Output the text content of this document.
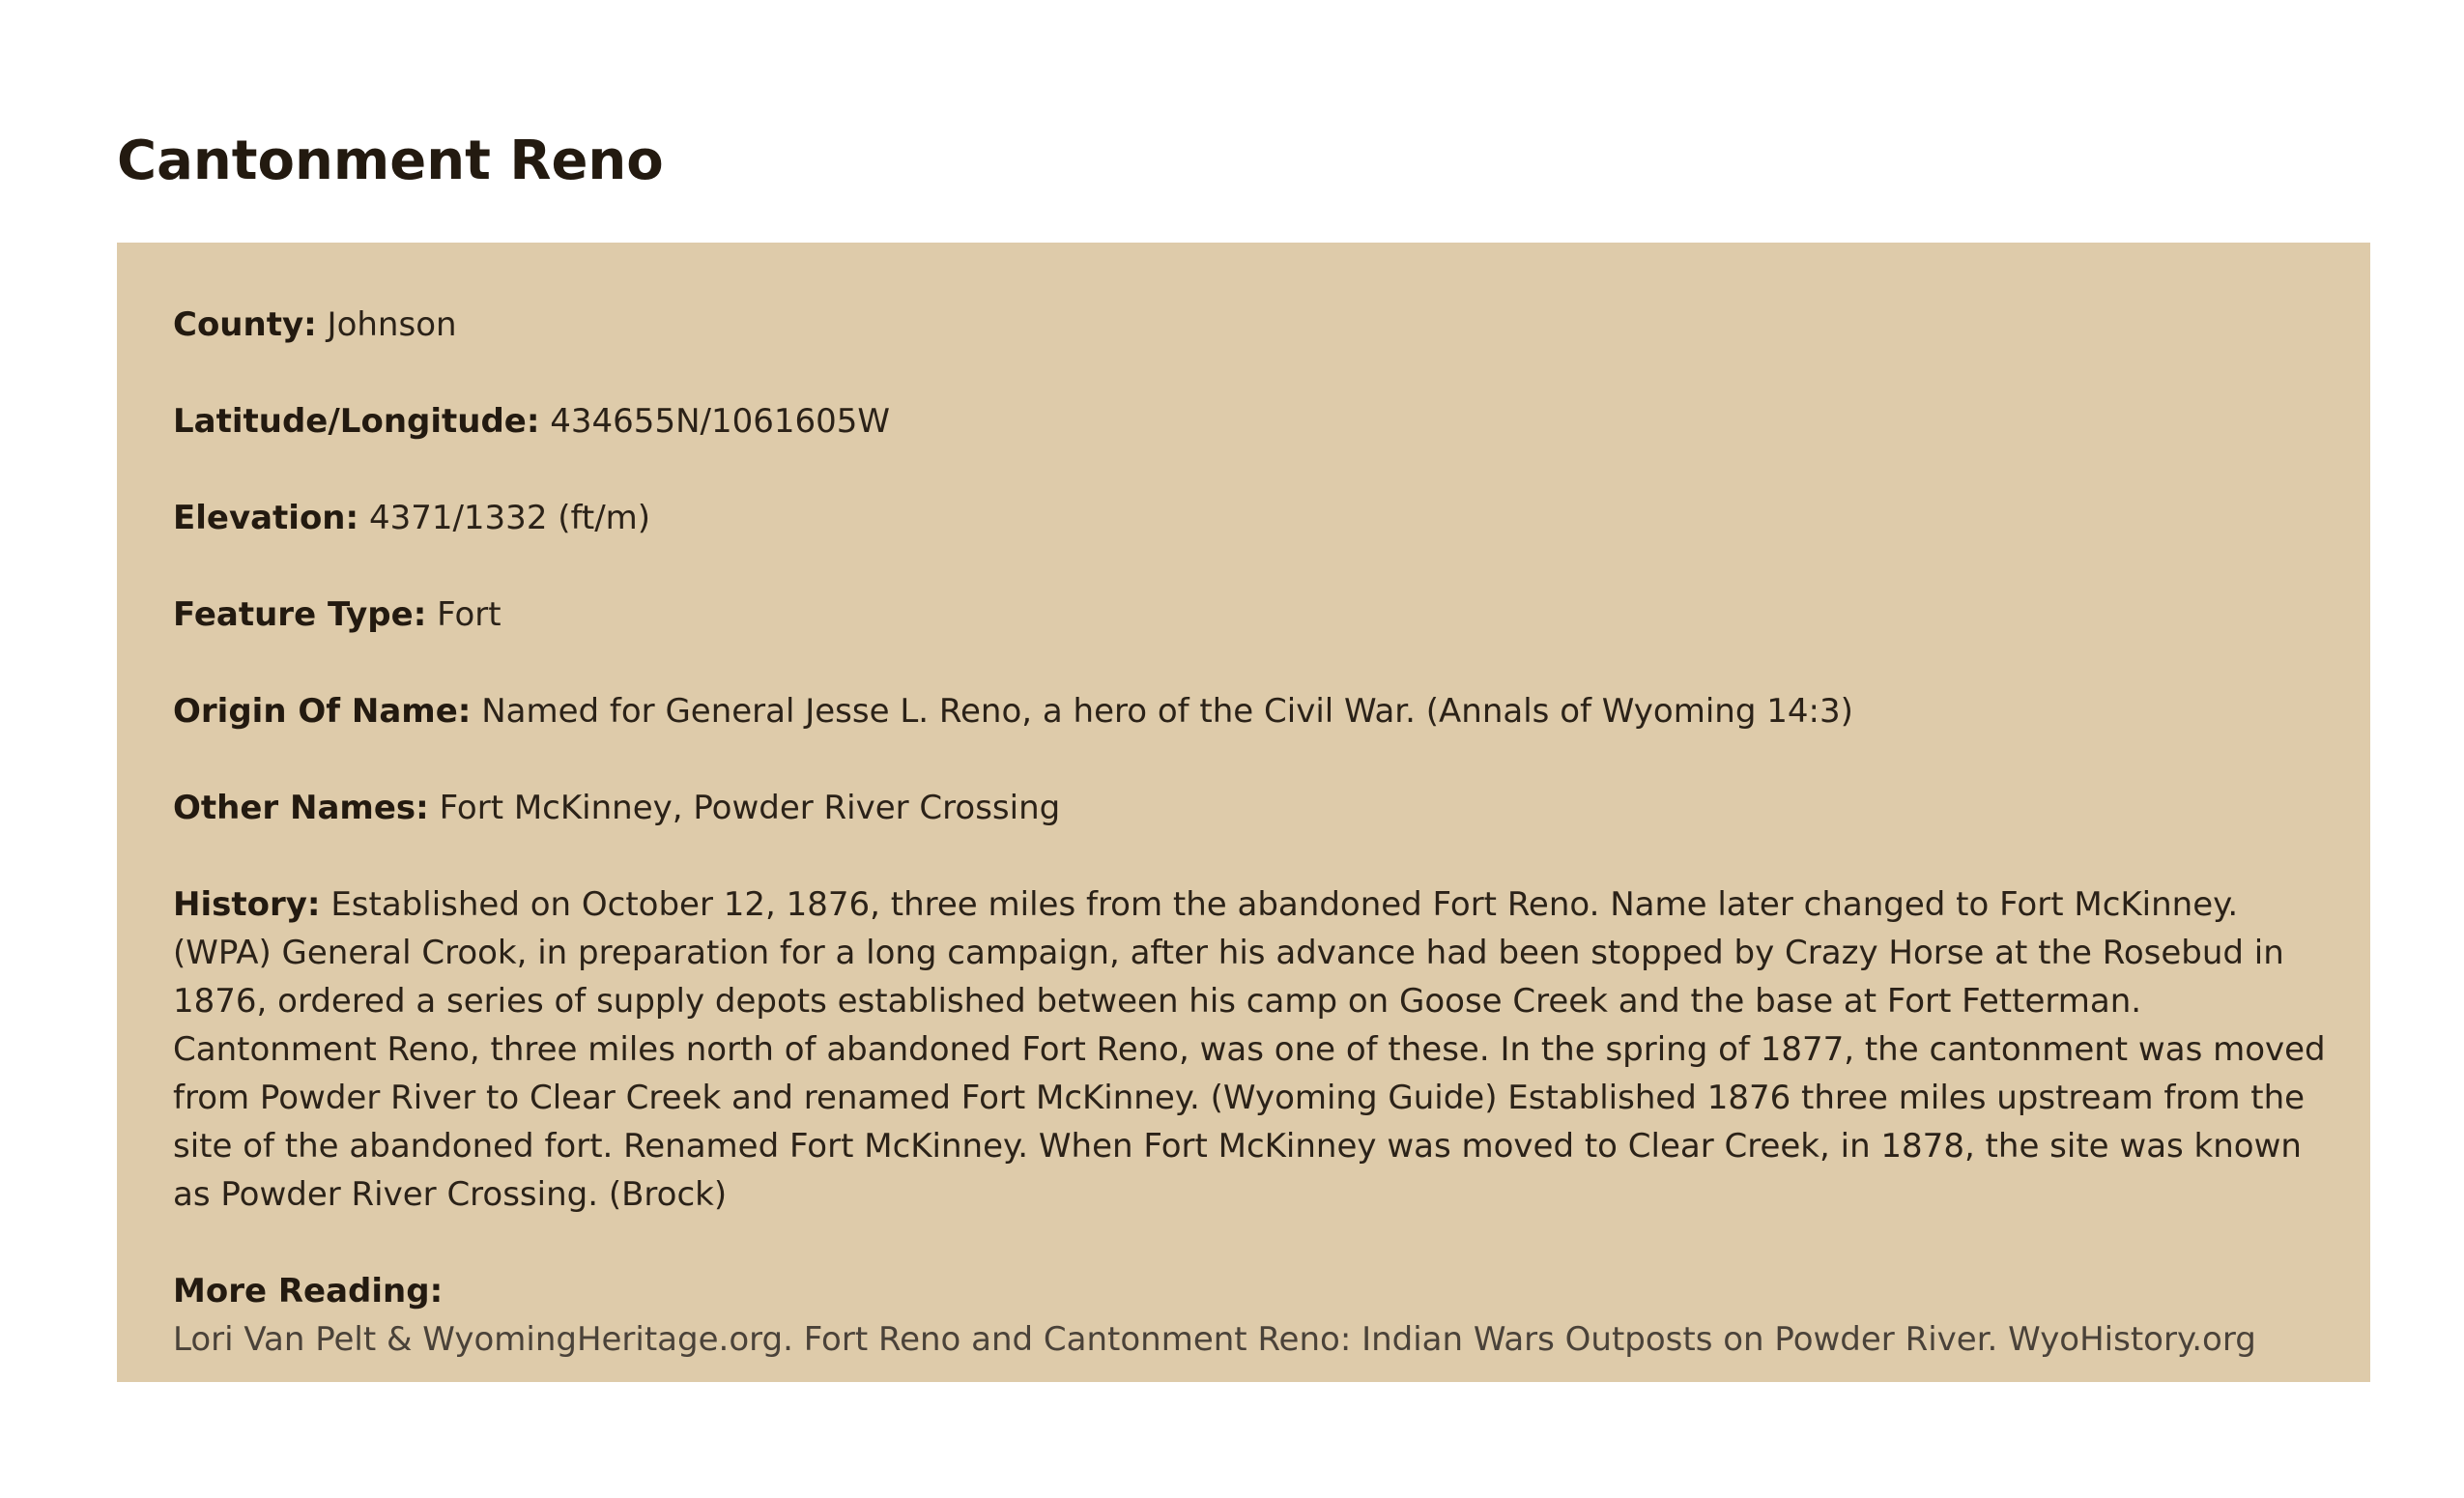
Cantonment Reno

County: Johnson

Latitude/Longitude: 434655N/1061605W

Elevation: 4371/1332 (ft/m)

Feature Type: Fort

Origin Of Name: Named for General Jesse L. Reno, a hero of the Civil War. (Annals of Wyoming 14:3)

Other Names: Fort McKinney, Powder River Crossing

History: Established on October 12, 1876, three miles from the abandoned Fort Reno. Name later changed to Fort McKinney. (WPA) General Crook, in preparation for a long campaign, after his advance had been stopped by Crazy Horse at the Rosebud in 1876, ordered a series of supply depots established between his camp on Goose Creek and the base at Fort Fetterman. Cantonment Reno, three miles north of abandoned Fort Reno, was one of these. In the spring of 1877, the cantonment was moved from Powder River to Clear Creek and renamed Fort McKinney. (Wyoming Guide) Established 1876 three miles upstream from the site of the abandoned fort. Renamed Fort McKinney. When Fort McKinney was moved to Clear Creek, in 1878, the site was known as Powder River Crossing. (Brock)

More Reading:
Lori Van Pelt & WyomingHeritage.org. Fort Reno and Cantonment Reno: Indian Wars Outposts on Powder River. WyoHistory.org
